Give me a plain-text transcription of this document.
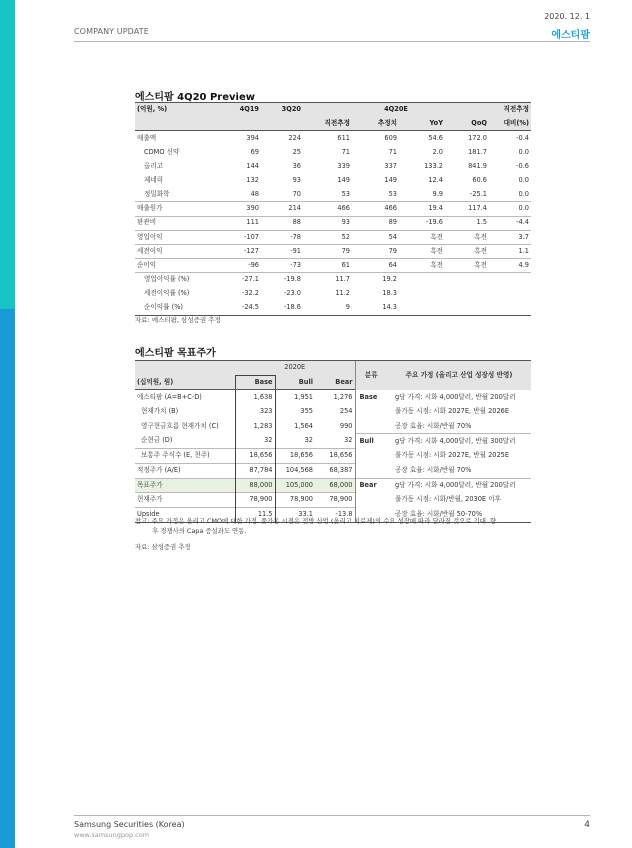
2020. 12. 1
COMPANY UPDATE	에스티팜
에스티팜 4Q20 Preview
(억원, %)	4Q19	3Q20	4Q20E				직전추정
			직전추정	추정치	YoY	QoQ	대비(%)
매출액	394	224	611	609	54.6	172.0	-0.4
CDMO 신약	69	25	71	71	2.0	181.7	0.0
올리고	144	36	339	337	133.2	841.9	-0.6
제네릭	132	93	149	149	12.4	60.6	0.0
정밀화학	48	70	53	53	9.9	-25.1	0.0
매출원가	390	214	466	466	19.4	117.4	0.0
판관비	111	88	93	89	-19.6	1.5	-4.4
영업이익	-107	-78	52	54	흑전	흑전	3.7
세전이익	-127	-91	79	79	흑전	흑전	1.1
순이익	-96	-73	61	64	흑전	흑전	4.9
영업이익률 (%)	-27.1	-19.8	11.7	19.2			
세전이익률 (%)	-32.2	-23.0	11.2	18.3			
순이익률 (%)	-24.5	-18.6	9	14.3			
자료: 에스티팜, 삼성증권 추정
에스티팜 목표주가
	2020E			분류	주요 가정 (올리고 산업 성장성 반영)
(십억원, 원)	Base	Bull	Bear		
에스티팜 (A=B+C-D)	1,638	1,951	1,276	Base	g당 가격: 시화 4,000달러, 반월 200달러
현재가치 (B)	323	355	254		풀가동 시점: 시화 2027E, 반월 2026E
영구현금흐름 현재가치 (C)	1,283	1,564	990		공장 효율: 시화/반월 70%
순현금 (D)	32	32	32	Bull	g당 가격: 시화 4,000달러, 반월 300달러
보통주 주식수 (E, 천주)	18,656	18,656	18,656		풀가동 시점: 시화 2027E, 반월 2025E
적정주가 (A/E)	87,784	104,568	68,387		공장 효율: 시화/반월 70%
목표주가	88,000	105,000	68,000	Bear	g당 가격: 시화 4,000달러, 반월 200달러
현재주가	78,900	78,900	78,900		풀가동 시점: 시화/반월, 2030E 이후
Upside	11.5	33.1	-13.8		공장 효율: 시화/반월 50-70%
참고: 주요 가정은 올리고 CMO에 대한 가정. 풀가동 시점은 전방 산업 (올리고 치료제)의 수요 성장에 따라 달라질 것으로 기대. 향
후 경쟁사의 Capa 증설과도 연동.
자료: 삼성증권 추정
Samsung Securities (Korea)
www.samsungpop.com
4
